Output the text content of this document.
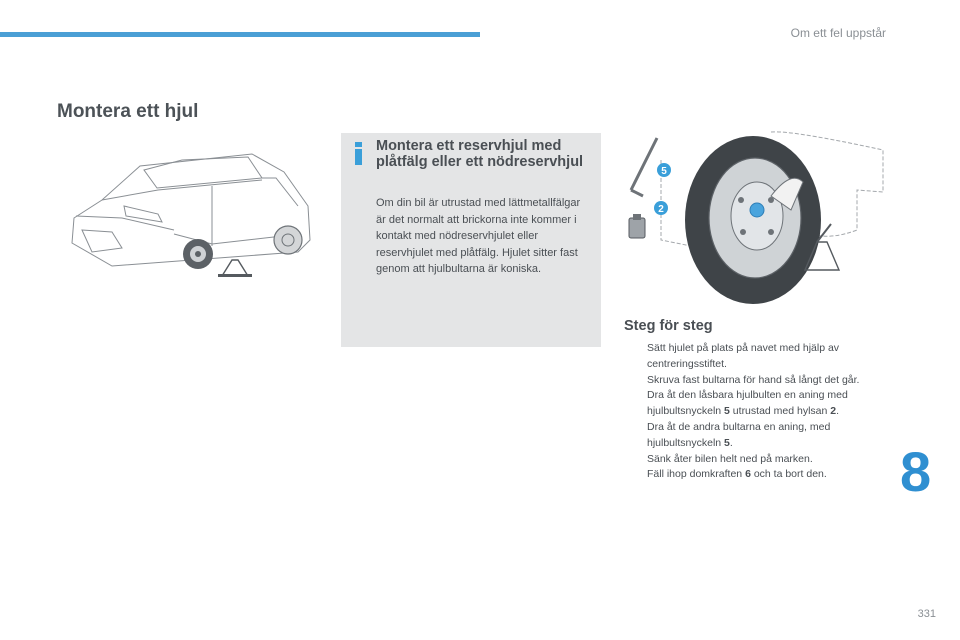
Om ett fel uppstår
Montera ett hjul
Montera ett reservhjul med plåtfälg eller ett nödreservhjul
Om din bil är utrustad med lättmetallfälgar är det normalt att brickorna inte kommer i kontakt med nödreservhjulet eller reservhjulet med plåtfälg. Hjulet sitter fast genom att hjulbultarna är koniska.
5
2
Steg för steg
Sätt hjulet på plats på navet med hjälp av centreringsstiftet.
Skruva fast bultarna för hand så långt det går.
Dra åt den låsbara hjulbulten en aning med hjulbultsnyckeln 5 utrustad med hylsan 2.
Dra åt de andra bultarna en aning, med hjulbultsnyckeln 5.
Sänk åter bilen helt ned på marken.
Fäll ihop domkraften 6 och ta bort den.	8
331
